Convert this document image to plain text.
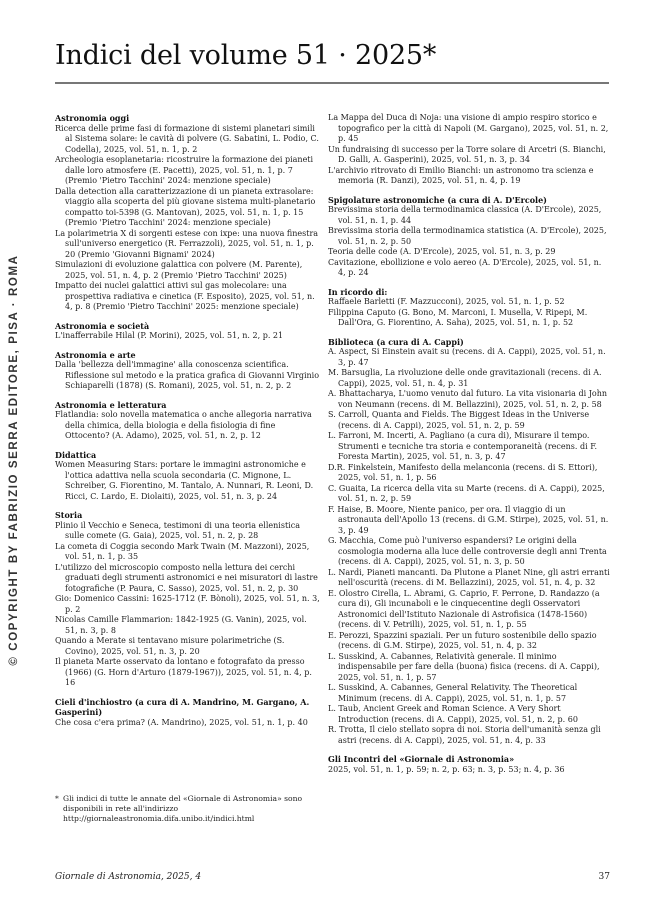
© COPYRIGHT BY FABRIZIO SERRA EDITORE, PISA · ROMA
Indici del volume 51 · 2025*
Astronomia oggi
Ricerca delle prime fasi di formazione di sistemi planetari simili al Sistema solare: le cavità di polvere (G. Sabatini, L. Podio, C. Codella), 2025, vol. 51, n. 1, p. 2
Archeologia esoplanetaria: ricostruire la formazione dei pianeti dalle loro atmosfere (E. Pacetti), 2025, vol. 51, n. 1, p. 7 (Premio 'Pietro Tacchini' 2024: menzione speciale)
Dalla detection alla caratterizzazione di un pianeta extrasolare: viaggio alla scoperta del più giovane sistema multi-planetario compatto toi-5398 (G. Mantovan), 2025, vol. 51, n. 1, p. 15 (Premio 'Pietro Tacchini' 2024: menzione speciale)
La polarimetria X di sorgenti estese con ixpe: una nuova finestra sull'universo energetico (R. Ferrazzoli), 2025, vol. 51, n. 1, p. 20 (Premio 'Giovanni Bignami' 2024)
Simulazioni di evoluzione galattica con polvere (M. Parente), 2025, vol. 51, n. 4, p. 2 (Premio 'Pietro Tacchini' 2025)
Impatto dei nuclei galattici attivi sul gas molecolare: una prospettiva radiativa e cinetica (F. Esposito), 2025, vol. 51, n. 4, p. 8 (Premio 'Pietro Tacchini' 2025: menzione speciale)
Astronomia e società
L'inafferrabile Hilal (P. Morini), 2025, vol. 51, n. 2, p. 21
Astronomia e arte
Dalla 'bellezza dell'immagine' alla conoscenza scientifica. Riflessione sul metodo e la pratica grafica di Giovanni Virginio Schiaparelli (1878) (S. Romani), 2025, vol. 51, n. 2, p. 2
Astronomia e letteratura
Flatlandia: solo novella matematica o anche allegoria narrativa della chimica, della biologia e della fisiologia di fine Ottocento? (A. Adamo), 2025, vol. 51, n. 2, p. 12
Didattica
Women Measuring Stars: portare le immagini astronomiche e l'ottica adattiva nella scuola secondaria (C. Mignone, L. Schreiber, G. Fiorentino, M. Tantalo, A. Nunnari, R. Leoni, D. Ricci, C. Lardo, E. Diolaiti), 2025, vol. 51, n. 3, p. 24
Storia
Plinio il Vecchio e Seneca, testimoni di una teoria ellenistica sulle comete (G. Gaia), 2025, vol. 51, n. 2, p. 28
La cometa di Coggia secondo Mark Twain (M. Mazzoni), 2025, vol. 51, n. 1, p. 35
L'utilizzo del microscopio composto nella lettura dei cerchi graduati degli strumenti astronomici e nei misuratori di lastre fotografiche (P. Paura, C. Sasso), 2025, vol. 51, n. 2, p. 30
Gio: Domenico Cassini: 1625-1712 (F. Bònoli), 2025, vol. 51, n. 3, p. 2
Nicolas Camille Flammarion: 1842-1925 (G. Vanin), 2025, vol. 51, n. 3, p. 8
Quando a Merate si tentavano misure polarimetriche (S. Covino), 2025, vol. 51, n. 3, p. 20
Il pianeta Marte osservato da lontano e fotografato da presso (1966) (G. Horn d'Arturo (1879-1967)), 2025, vol. 51, n. 4, p. 16
Cieli d'inchiostro (a cura di A. Mandrino, M. Gargano, A. Gasperini)
Che cosa c'era prima? (A. Mandrino), 2025, vol. 51, n. 1, p. 40
La Mappa del Duca di Noja: una visione di ampio respiro storico e topografico per la città di Napoli (M. Gargano), 2025, vol. 51, n. 2, p. 45
Un fundraising di successo per la Torre solare di Arcetri (S. Bianchi, D. Galli, A. Gasperini), 2025, vol. 51, n. 3, p. 34
L'archivio ritrovato di Emilio Bianchi: un astronomo tra scienza e memoria (R. Danzi), 2025, vol. 51, n. 4, p. 19
Spigolature astronomiche (a cura di A. D'Ercole)
Brevissima storia della termodinamica classica (A. D'Ercole), 2025, vol. 51, n. 1, p. 44
Brevissima storia della termodinamica statistica (A. D'Ercole), 2025, vol. 51, n. 2, p. 50
Teoria delle code (A. D'Ercole), 2025, vol. 51, n. 3, p. 29
Cavitazione, ebollizione e volo aereo (A. D'Ercole), 2025, vol. 51, n. 4, p. 24
In ricordo di:
Raffaele Barletti (F. Mazzucconi), 2025, vol. 51, n. 1, p. 52
Filippina Caputo (G. Bono, M. Marconi, I. Musella, V. Ripepi, M. Dall'Ora, G. Fiorentino, A. Saha), 2025, vol. 51, n. 1, p. 52
Biblioteca (a cura di A. Cappi)
A. Aspect, Si Einstein avait su (recens. di A. Cappi), 2025, vol. 51, n. 3, p. 47
M. Barsuglia, La rivoluzione delle onde gravitazionali (recens. di A. Cappi), 2025, vol. 51, n. 4, p. 31
A. Bhattacharya, L'uomo venuto dal futuro. La vita visionaria di John von Neumann (recens. di M. Bellazzini), 2025, vol. 51, n. 2, p. 58
S. Carroll, Quanta and Fields. The Biggest Ideas in the Universe (recens. di A. Cappi), 2025, vol. 51, n. 2, p. 59
L. Farroni, M. Incerti, A. Pagliano (a cura di), Misurare il tempo. Strumenti e tecniche tra storia e contemporaneità (recens. di F. Foresta Martin), 2025, vol. 51, n. 3, p. 47
D.R. Finkelstein, Manifesto della melanconia (recens. di S. Ettori), 2025, vol. 51, n. 1, p. 56
C. Guaita, La ricerca della vita su Marte (recens. di A. Cappi), 2025, vol. 51, n. 2, p. 59
F. Haise, B. Moore, Niente panico, per ora. Il viaggio di un astronauta dell'Apollo 13 (recens. di G.M. Stirpe), 2025, vol. 51, n. 3, p. 49
G. Macchia, Come può l'universo espandersi? Le origini della cosmologia moderna alla luce delle controversie degli anni Trenta (recens. di A. Cappi), 2025, vol. 51, n. 3, p. 50
L. Nardi, Pianeti mancanti. Da Plutone a Planet Nine, gli astri erranti nell'oscurità (recens. di M. Bellazzini), 2025, vol. 51, n. 4, p. 32
E. Olostro Cirella, L. Abrami, G. Caprio, F. Perrone, D. Randazzo (a cura di), Gli incunaboli e le cinquecentine degli Osservatori Astronomici dell'Istituto Nazionale di Astrofisica (1478-1560) (recens. di V. Petrilli), 2025, vol. 51, n. 1, p. 55
E. Perozzi, Spazzini spaziali. Per un futuro sostenibile dello spazio (recens. di G.M. Stirpe), 2025, vol. 51, n. 4, p. 32
L. Susskind, A. Cabannes, Relatività generale. Il minimo indispensabile per fare della (buona) fisica (recens. di A. Cappi), 2025, vol. 51, n. 1, p. 57
L. Susskind, A. Cabannes, General Relativity. The Theoretical Minimum (recens. di A. Cappi), 2025, vol. 51, n. 1, p. 57
L. Taub, Ancient Greek and Roman Science. A Very Short Introduction (recens. di A. Cappi), 2025, vol. 51, n. 2, p. 60
R. Trotta, Il cielo stellato sopra di noi. Storia dell'umanità senza gli astri (recens. di A. Cappi), 2025, vol. 51, n. 4, p. 33
Gli Incontri del «Giornale di Astronomia»
2025, vol. 51, n. 1, p. 59; n. 2, p. 63; n. 3, p. 53; n. 4, p. 36
* Gli indici di tutte le annate del «Giornale di Astronomia» sono disponibili in rete all'indirizzo http://giornaleastronomia.difa.unibo.it/indici.html
Giornale di Astronomia, 2025, 4	37
